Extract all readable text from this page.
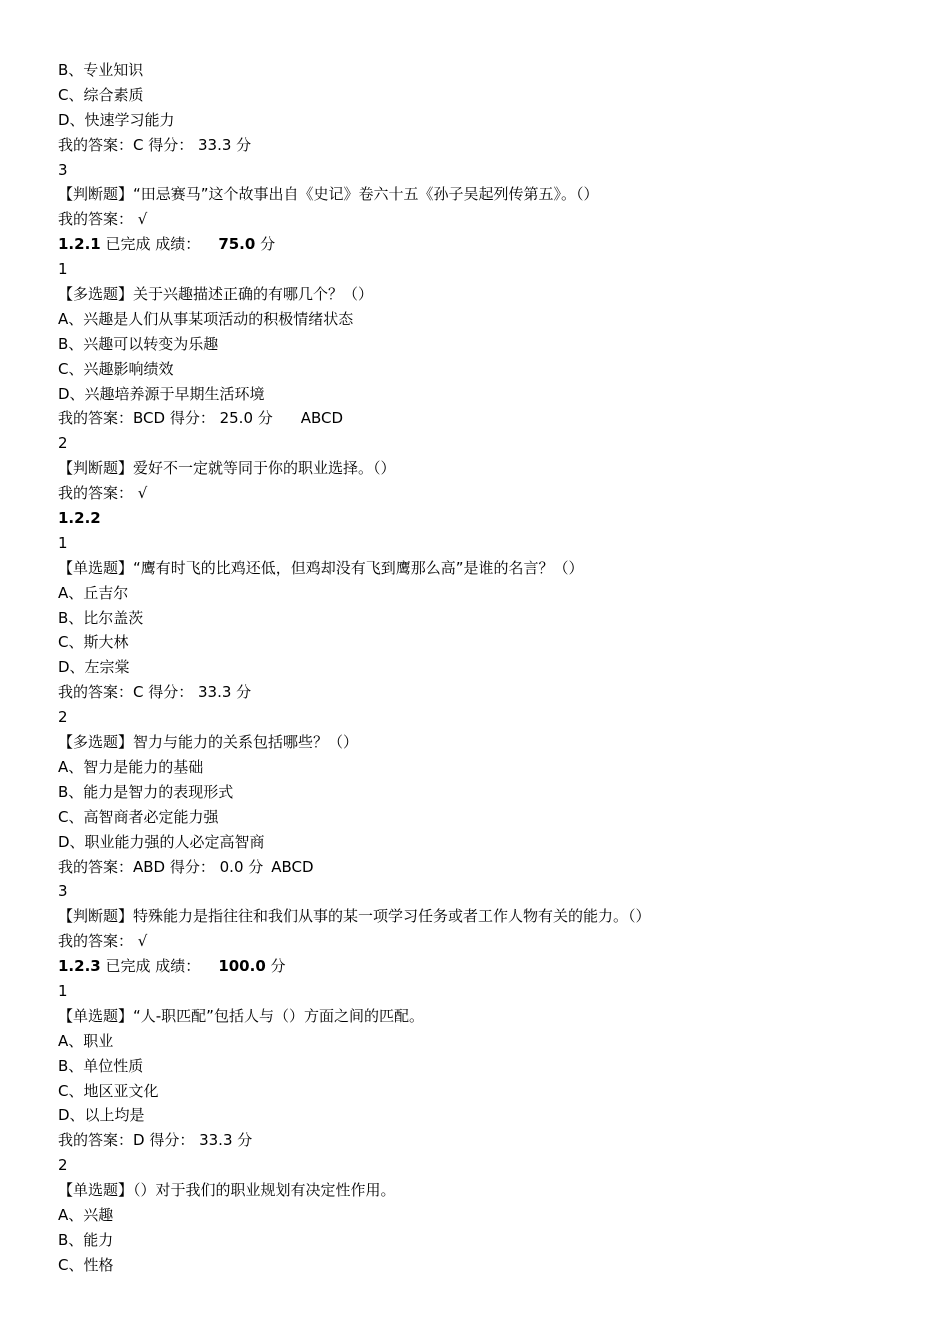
B、专业知识
C、综合素质
D、快速学习能力
我的答案：C 得分： 33.3 分
3
【判断题】“田忌赛马”这个故事出自《史记》卷六十五《孙子吴起列传第五》。（）
我的答案： √
1.2.1 已完成 成绩： 75.0 分
1
【多选题】关于兴趣描述正确的有哪几个？（）
A、兴趣是人们从事某项活动的积极情绪状态
B、兴趣可以转变为乐趣
C、兴趣影响绩效
D、兴趣培养源于早期生活环境
我的答案：BCD 得分： 25.0 分 ABCD
2
【判断题】爱好不一定就等同于你的职业选择。（）
我的答案： √
1.2.2
1
【单选题】“鹰有时飞的比鸡还低，但鸡却没有飞到鹰那么高”是谁的名言？（）
A、丘吉尔
B、比尔盖茨
C、斯大林
D、左宗棠
我的答案：C 得分： 33.3 分
2
【多选题】智力与能力的关系包括哪些？（）
A、智力是能力的基础
B、能力是智力的表现形式
C、高智商者必定能力强
D、职业能力强的人必定高智商
我的答案：ABD 得分： 0.0 分 ABCD
3
【判断题】特殊能力是指往往和我们从事的某一项学习任务或者工作人物有关的能力。（）
我的答案： √
1.2.3 已完成 成绩： 100.0 分
1
【单选题】“人-职匹配”包括人与（）方面之间的匹配。
A、职业
B、单位性质
C、地区亚文化
D、以上均是
我的答案：D 得分： 33.3 分
2
【单选题】（）对于我们的职业规划有决定性作用。
A、兴趣
B、能力
C、性格
